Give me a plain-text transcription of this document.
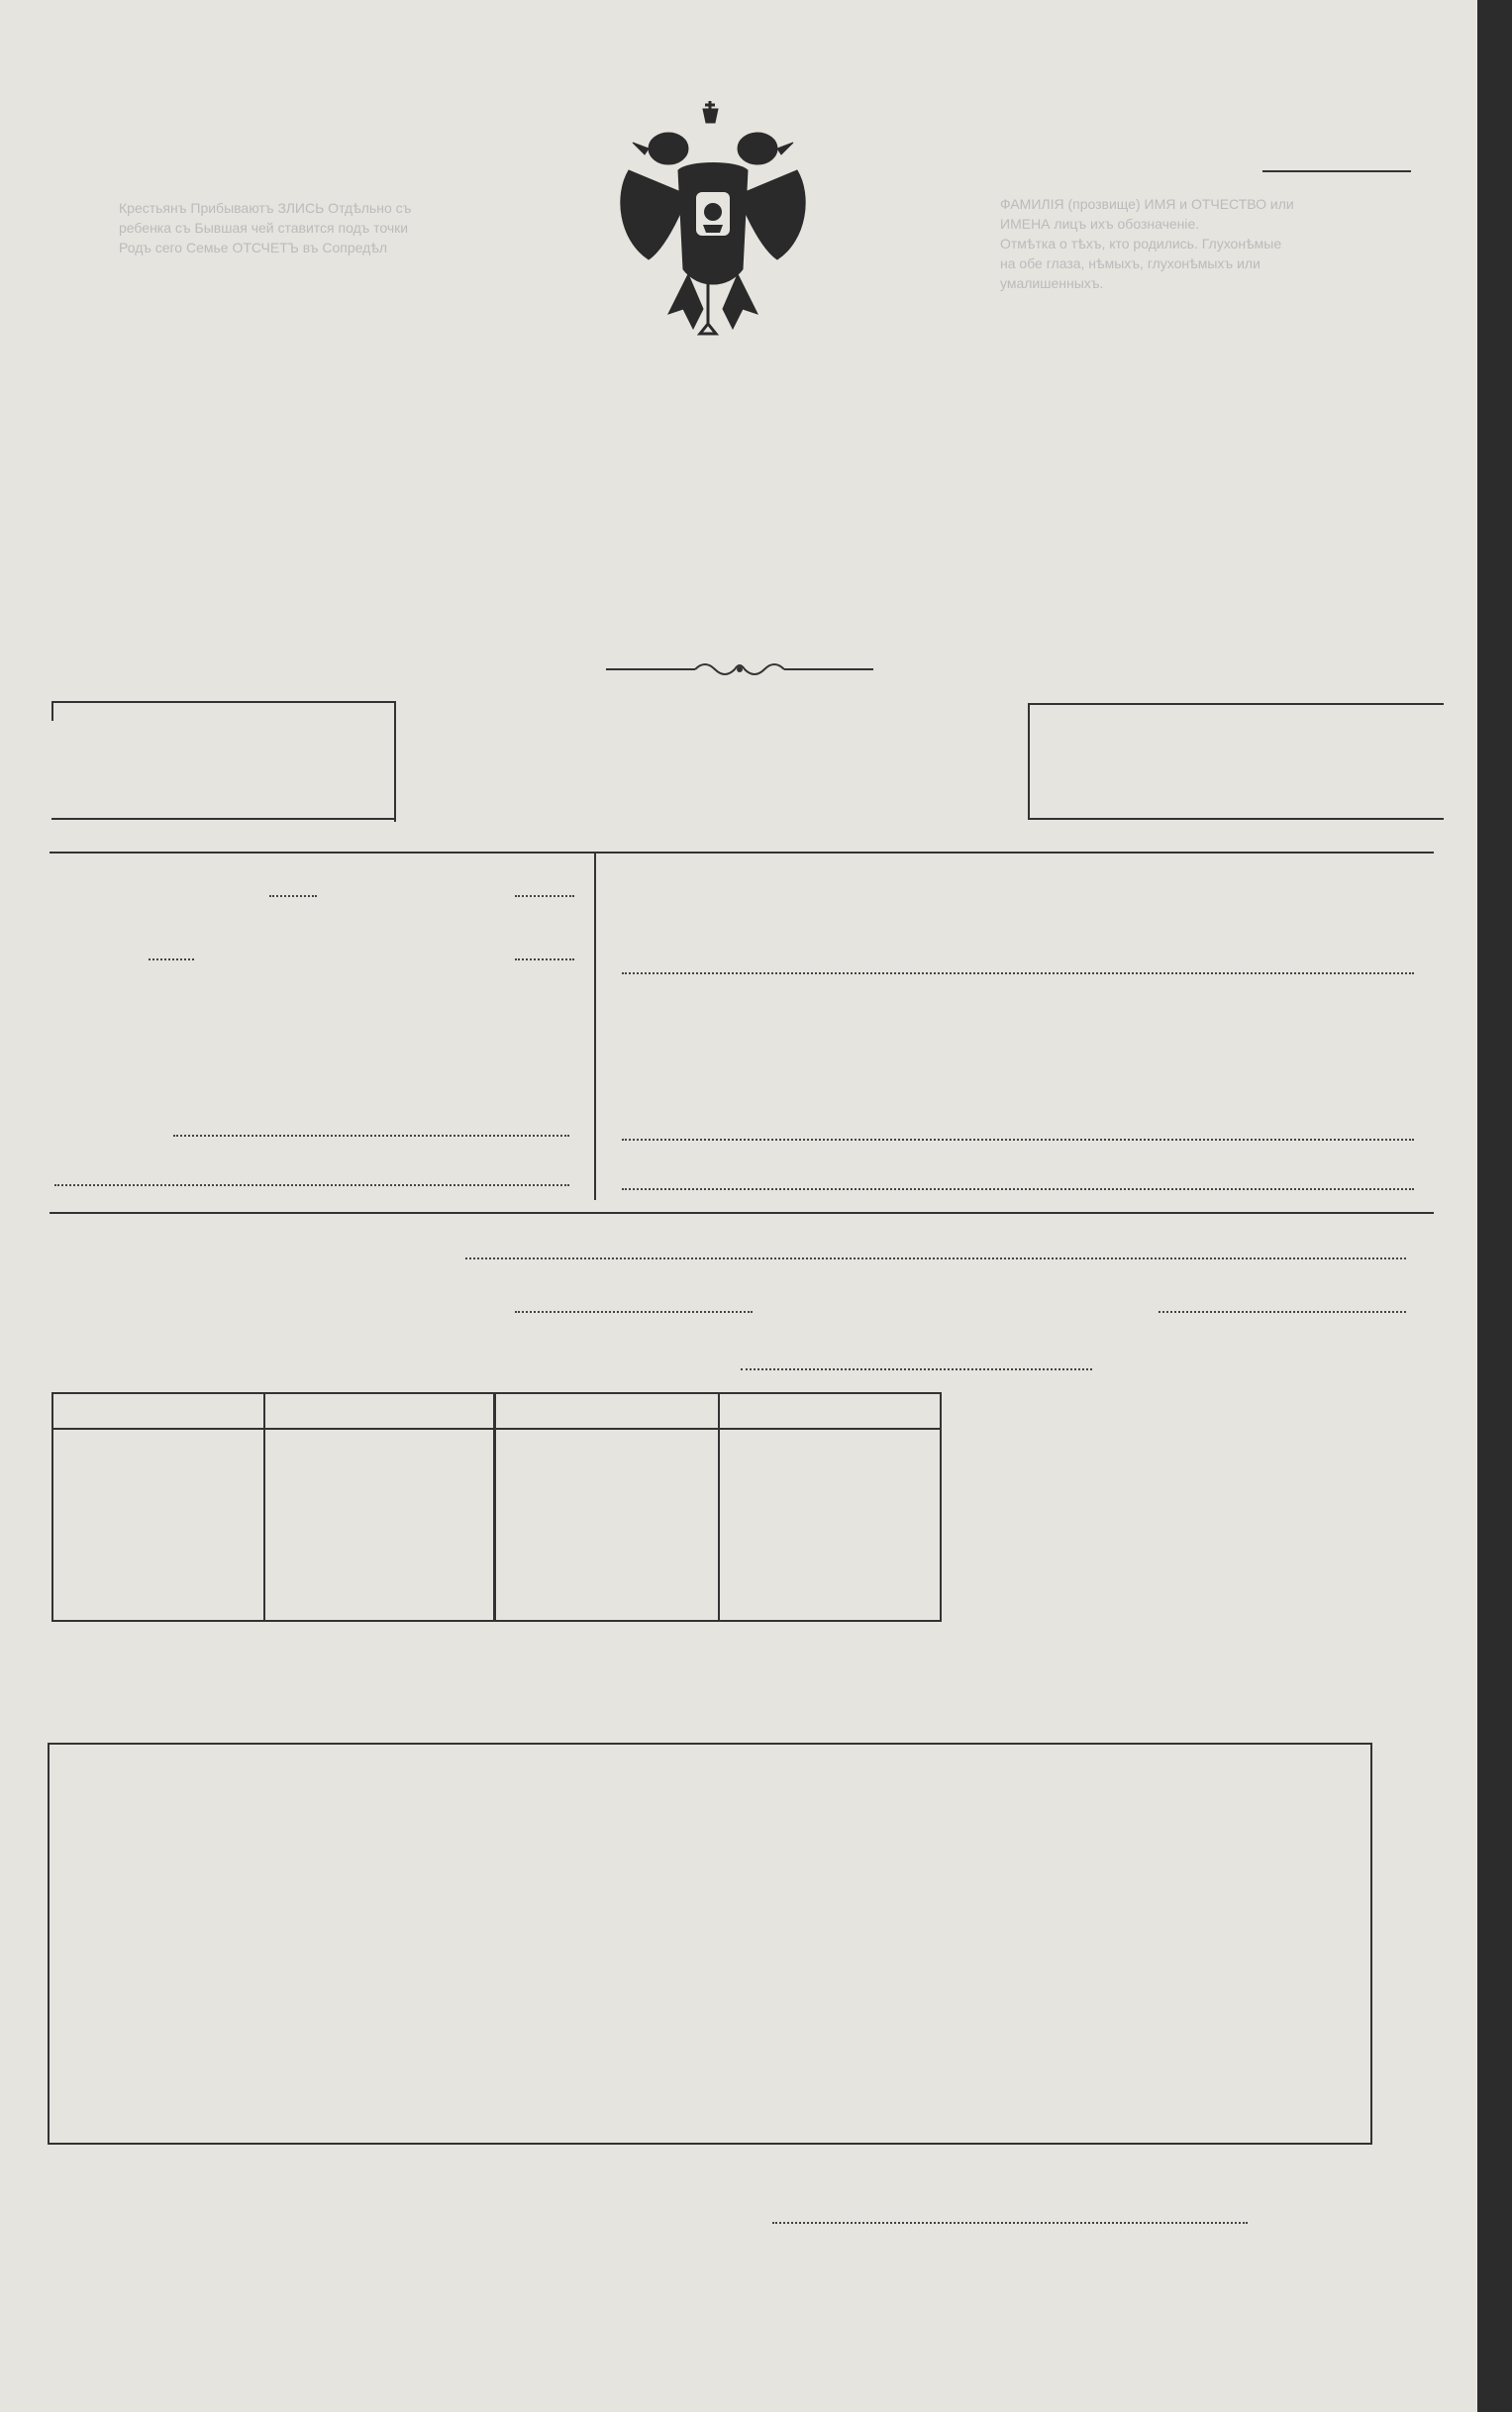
ФАМИЛІЯ (прозвище) ИМЯ и ОТЧЕСТВО или
ИМЕНА лицъ ихъ обозначеніе.
Отмѣтка о тѣхъ, кто родились. Глухонѣмые
на обе глаза, нѣмыхъ, глухонѣмыхъ или
умалишенныхъ.
Крестьянъ Прибываютъ ЗЛИСЬ Отдѣльно съ
ребенка съ Бывшая чей ставится подъ точки
Родъ сего Семье ОТСЧЕТЪ въ Сопредѣл
